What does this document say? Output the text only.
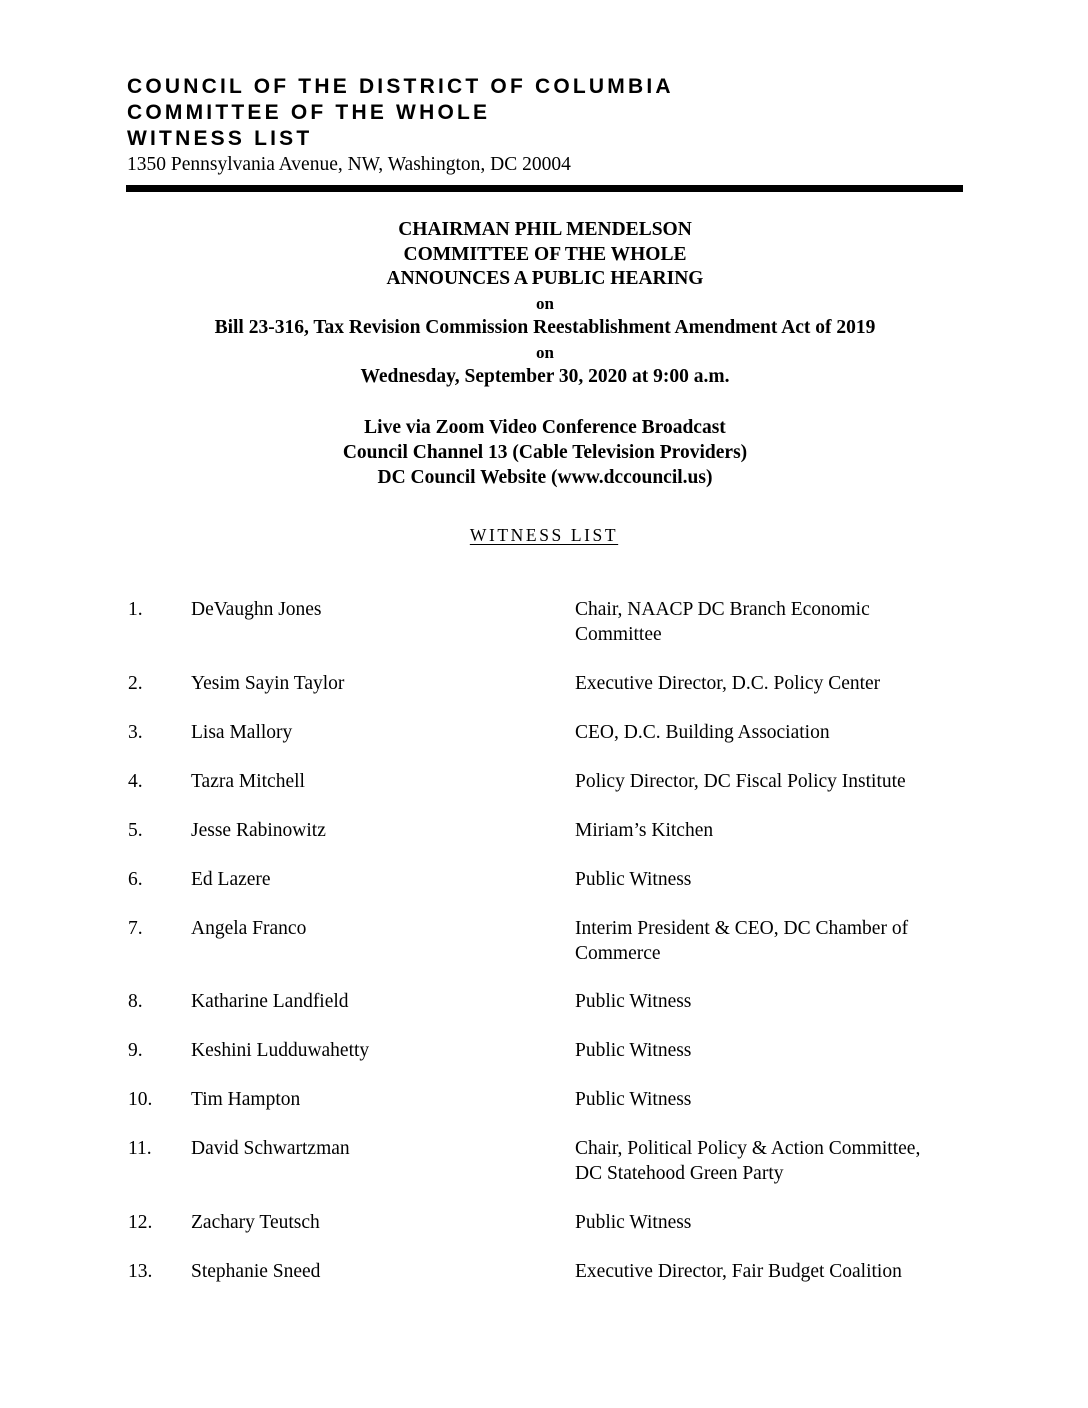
COUNCIL OF THE DISTRICT OF COLUMBIA
COMMITTEE OF THE WHOLE
WITNESS LIST
1350 Pennsylvania Avenue, NW, Washington, DC 20004
CHAIRMAN PHIL MENDELSON
COMMITTEE OF THE WHOLE
ANNOUNCES A PUBLIC HEARING
on
Bill 23-316, Tax Revision Commission Reestablishment Amendment Act of 2019
on
Wednesday, September 30, 2020 at 9:00 a.m.
Live via Zoom Video Conference Broadcast
Council Channel 13 (Cable Television Providers)
DC Council Website (www.dccouncil.us)
WITNESS LIST
1. DeVaughn Jones	Chair, NAACP DC Branch Economic
Committee
2. Yesim Sayin Taylor	Executive Director, D.C. Policy Center
3. Lisa Mallory	CEO, D.C. Building Association
4. Tazra Mitchell	Policy Director, DC Fiscal Policy Institute
5. Jesse Rabinowitz	Miriam’s Kitchen
6. Ed Lazere	Public Witness
7. Angela Franco	Interim President & CEO, DC Chamber of
Commerce
8. Katharine Landfield	Public Witness
9. Keshini Ludduwahetty	Public Witness
10. Tim Hampton	Public Witness
11. David Schwartzman	Chair, Political Policy & Action Committee,
DC Statehood Green Party
12. Zachary Teutsch	Public Witness
13. Stephanie Sneed	Executive Director, Fair Budget Coalition
